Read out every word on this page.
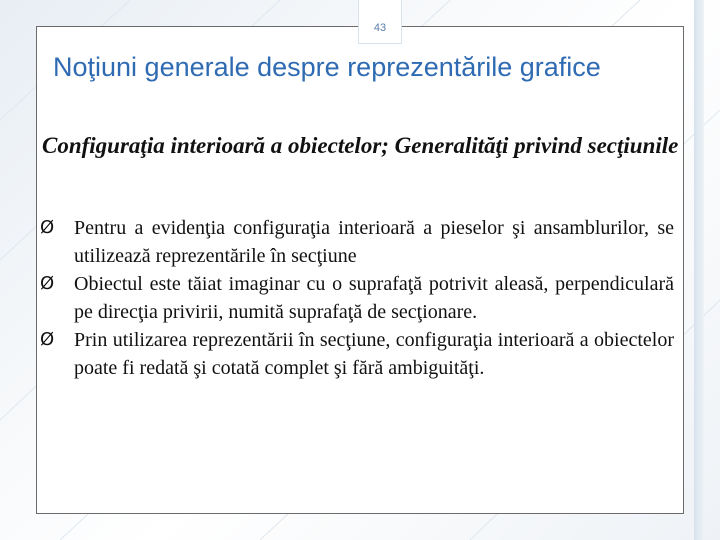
43
Noţiuni generale despre reprezentările grafice
Configuraţia interioară a obiectelor; Generalităţi privind secţiunile
Ø Pentru a evidenţia configuraţia interioară a pieselor şi ansamblurilor, se utilizează reprezentările în secţiune
Ø Obiectul este tăiat imaginar cu o suprafaţă potrivit aleasă, perpendiculară pe direcţia privirii, numită suprafaţă de secţionare.
Ø Prin utilizarea reprezentării în secţiune, configuraţia interioară a obiectelor poate fi redată şi cotată complet şi fără ambiguităţi.
